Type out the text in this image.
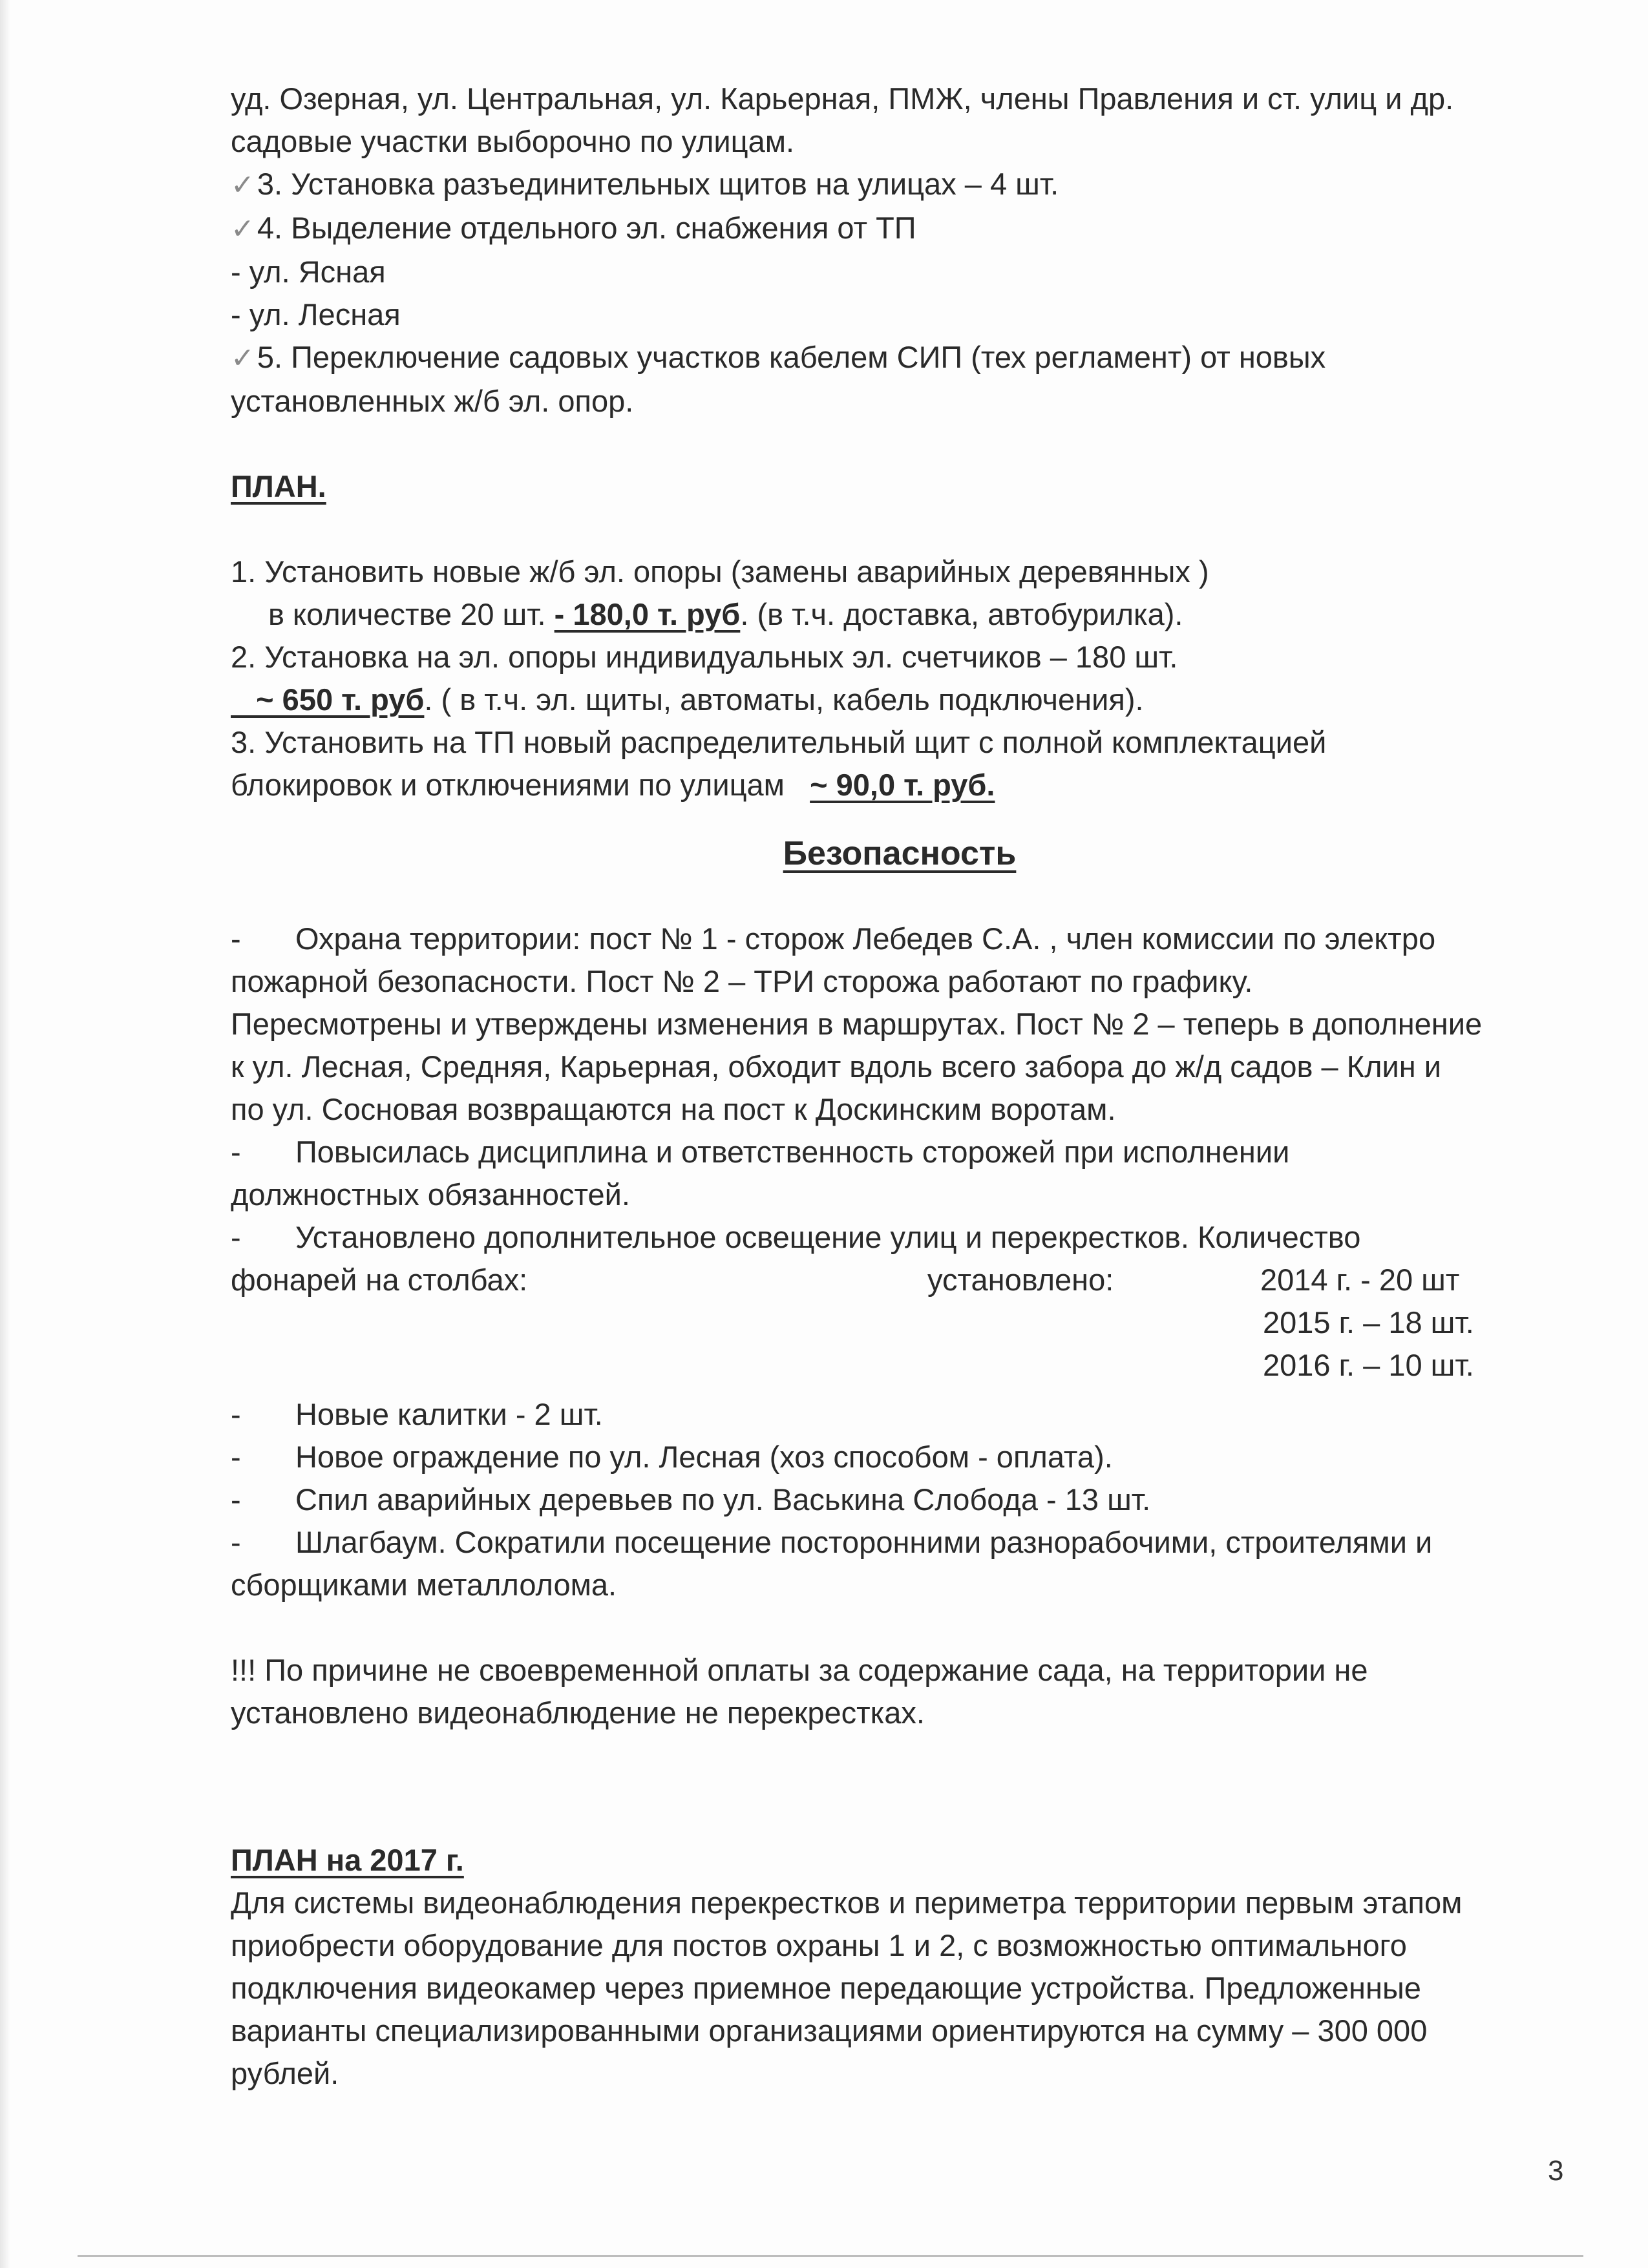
уд. Озерная, ул. Центральная, ул. Карьерная, ПМЖ, члены Правления и ст. улиц и др.
садовые участки выборочно по улицам.
✓3. Установка разъединительных щитов на улицах – 4 шт.
✓4. Выделение отдельного эл. снабжения от ТП
- ул. Ясная
- ул. Лесная
✓5. Переключение садовых участков кабелем СИП (тех регламент) от новых
установленных ж/б эл. опор.
ПЛАН.
1. Установить новые ж/б эл. опоры (замены аварийных деревянных )
в количестве 20 шт. - 180,0 т. руб. (в т.ч. доставка, автобурилка).
2. Установка на эл. опоры индивидуальных эл. счетчиков – 180 шт.
~ 650 т. руб. ( в т.ч. эл. щиты, автоматы, кабель подключения).
3. Установить на ТП новый распределительный щит с полной комплектацией
блокировок и отключениями по улицам   ~ 90,0 т. руб.
Безопасность
- Охрана территории: пост № 1 - сторож Лебедев С.А. , член комиссии по электро
пожарной безопасности. Пост № 2 – ТРИ сторожа работают по графику.
Пересмотрены и утверждены изменения в маршрутах. Пост № 2 – теперь в дополнение
к ул. Лесная, Средняя, Карьерная, обходит вдоль всего забора до ж/д садов – Клин и
по ул. Сосновая возвращаются на пост к Доскинским воротам.
- Повысилась дисциплина и ответственность сторожей при исполнении
должностных обязанностей.
- Установлено дополнительное освещение улиц и перекрестков. Количество
фонарей на столбах:	установлено:	2014 г. - 20 шт
2015 г. – 18 шт.
2016 г. – 10 шт.
- Новые калитки - 2 шт.
- Новое ограждение по ул. Лесная (хоз способом - оплата).
- Спил аварийных деревьев по ул. Васькина Слобода - 13 шт.
- Шлагбаум. Сократили посещение посторонними разнорабочими, строителями и
сборщиками металлолома.
!!! По причине не своевременной оплаты за содержание сада, на территории не
установлено видеонаблюдение не перекрестках.
ПЛАН на 2017 г.
Для системы видеонаблюдения перекрестков и периметра территории первым этапом
приобрести оборудование для постов охраны 1 и 2, с возможностью оптимального
подключения видеокамер через приемное передающие устройства. Предложенные
варианты специализированными организациями ориентируются на сумму – 300 000
рублей.
3
